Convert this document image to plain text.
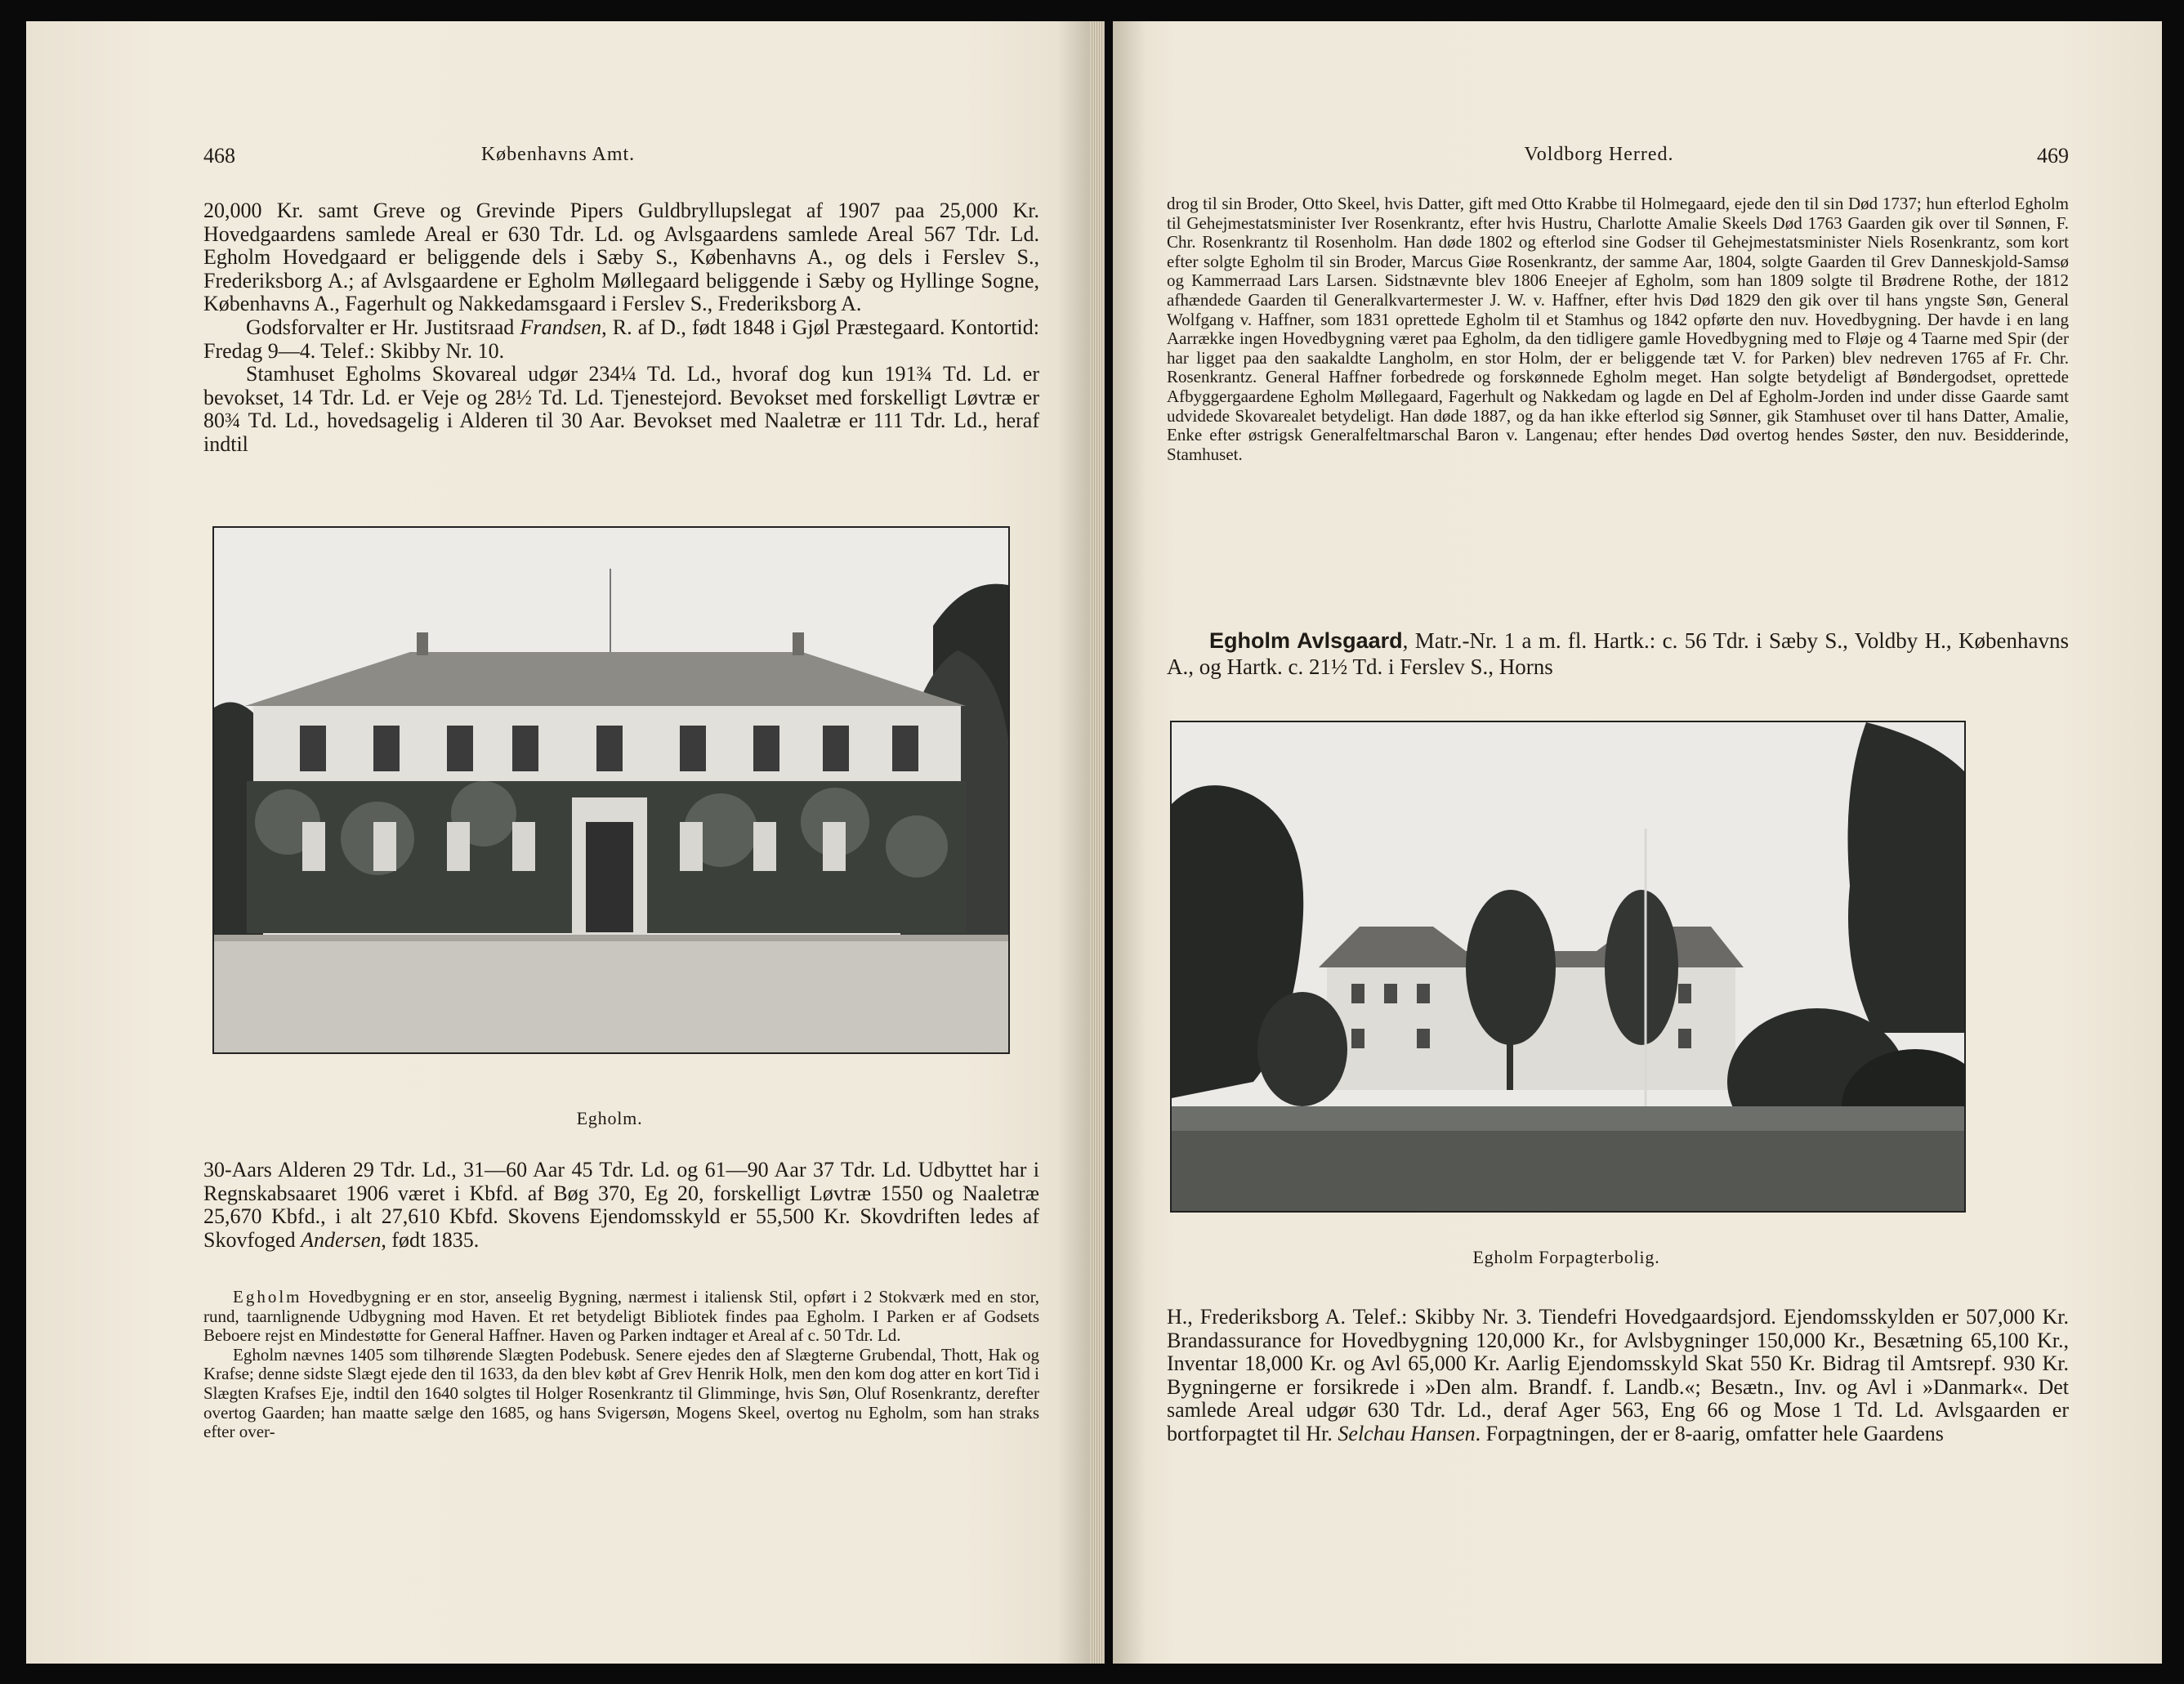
468	Københavns Amt.

20,000 Kr. samt Greve og Grevinde Pipers Guldbryllupslegat af 1907 paa 25,000 Kr. Hovedgaardens samlede Areal er 630 Tdr. Ld. og Avlsgaardens samlede Areal 567 Tdr. Ld. Egholm Hovedgaard er beliggende dels i Sæby S., Københavns A., og dels i Ferslev S., Frederiksborg A.; af Avlsgaardene er Egholm Møllegaard beliggende i Sæby og Hyllinge Sogne, Københavns A., Fagerhult og Nakkedamsgaard i Ferslev S., Frederiksborg A.

Godsforvalter er Hr. Justitsraad Frandsen, R. af D., født 1848 i Gjøl Præstegaard. Kontortid: Fredag 9—4. Telef.: Skibby Nr. 10.

Stamhuset Egholms Skovareal udgør 234¼ Td. Ld., hvoraf dog kun 191¾ Td. Ld. er bevokset, 14 Tdr. Ld. er Veje og 28½ Td. Ld. Tjenestejord. Bevokset med forskelligt Løvtræ er 80¾ Td. Ld., hovedsagelig i Alderen til 30 Aar. Bevokset med Naaletræ er 111 Tdr. Ld., heraf indtil

Egholm.

30-Aars Alderen 29 Tdr. Ld., 31—60 Aar 45 Tdr. Ld. og 61—90 Aar 37 Tdr. Ld. Udbyttet har i Regnskabsaaret 1906 været i Kbfd. af Bøg 370, Eg 20, forskelligt Løvtræ 1550 og Naaletræ 25,670 Kbfd., i alt 27,610 Kbfd. Skovens Ejendomsskyld er 55,500 Kr. Skovdriften ledes af Skovfoged Andersen, født 1835.

Egholm Hovedbygning er en stor, anseelig Bygning, nærmest i italiensk Stil, opført i 2 Stokværk med en stor, rund, taarnlignende Udbygning mod Haven. Et ret betydeligt Bibliotek findes paa Egholm. I Parken er af Godsets Beboere rejst en Mindestøtte for General Haffner. Haven og Parken indtager et Areal af c. 50 Tdr. Ld.

Egholm nævnes 1405 som tilhørende Slægten Podebusk. Senere ejedes den af Slægterne Grubendal, Thott, Hak og Krafse; denne sidste Slægt ejede den til 1633, da den blev købt af Grev Henrik Holk, men den kom dog atter en kort Tid i Slægten Krafses Eje, indtil den 1640 solgtes til Holger Rosenkrantz til Glimminge, hvis Søn, Oluf Rosenkrantz, derefter overtog Gaarden; han maatte sælge den 1685, og hans Svigersøn, Mogens Skeel, overtog nu Egholm, som han straks efter over-

Voldborg Herred.	469

drog til sin Broder, Otto Skeel, hvis Datter, gift med Otto Krabbe til Holmegaard, ejede den til sin Død 1737; hun efterlod Egholm til Gehejmestatsminister Iver Rosenkrantz, efter hvis Hustru, Charlotte Amalie Skeels Død 1763 Gaarden gik over til Sønnen, F. Chr. Rosenkrantz til Rosenholm. Han døde 1802 og efterlod sine Godser til Gehejmestatsminister Niels Rosenkrantz, som kort efter solgte Egholm til sin Broder, Marcus Giøe Rosenkrantz, der samme Aar, 1804, solgte Gaarden til Grev Danneskjold-Samsø og Kammerraad Lars Larsen. Sidstnævnte blev 1806 Eneejer af Egholm, som han 1809 solgte til Brødrene Rothe, der 1812 afhændede Gaarden til Generalkvartermester J. W. v. Haffner, efter hvis Død 1829 den gik over til hans yngste Søn, General Wolfgang v. Haffner, som 1831 oprettede Egholm til et Stamhus og 1842 opførte den nuv. Hovedbygning. Der havde i en lang Aarrække ingen Hovedbygning været paa Egholm, da den tidligere gamle Hovedbygning med to Fløje og 4 Taarne med Spir (der har ligget paa den saakaldte Langholm, en stor Holm, der er beliggende tæt V. for Parken) blev nedreven 1765 af Fr. Chr. Rosenkrantz. General Haffner forbedrede og forskønnede Egholm meget. Han solgte betydeligt af Bøndergodset, oprettede Afbyggergaardene Egholm Møllegaard, Fagerhult og Nakkedam og lagde en Del af Egholm-Jorden ind under disse Gaarde samt udvidede Skovarealet betydeligt. Han døde 1887, og da han ikke efterlod sig Sønner, gik Stamhuset over til hans Datter, Amalie, Enke efter østrigsk Generalfeltmarschal Baron v. Langenau; efter hendes Død overtog hendes Søster, den nuv. Besidderinde, Stamhuset.

Egholm Avlsgaard, Matr.-Nr. 1 a m. fl. Hartk.: c. 56 Tdr. i Sæby S., Voldby H., Københavns A., og Hartk. c. 21½ Td. i Ferslev S., Horns

Egholm Forpagterbolig.

H., Frederiksborg A. Telef.: Skibby Nr. 3. Tiendefri Hovedgaardsjord. Ejendomsskylden er 507,000 Kr. Brandassurance for Hovedbygning 120,000 Kr., for Avlsbygninger 150,000 Kr., Besætning 65,100 Kr., Inventar 18,000 Kr. og Avl 65,000 Kr. Aarlig Ejendomsskyld Skat 550 Kr. Bidrag til Amtsrepf. 930 Kr. Bygningerne er forsikrede i »Den alm. Brandf. f. Landb.«; Besætn., Inv. og Avl i »Danmark«. Det samlede Areal udgør 630 Tdr. Ld., deraf Ager 563, Eng 66 og Mose 1 Td. Ld. Avlsgaarden er bortforpagtet til Hr. Selchau Hansen. Forpagtningen, der er 8-aarig, omfatter hele Gaardens
